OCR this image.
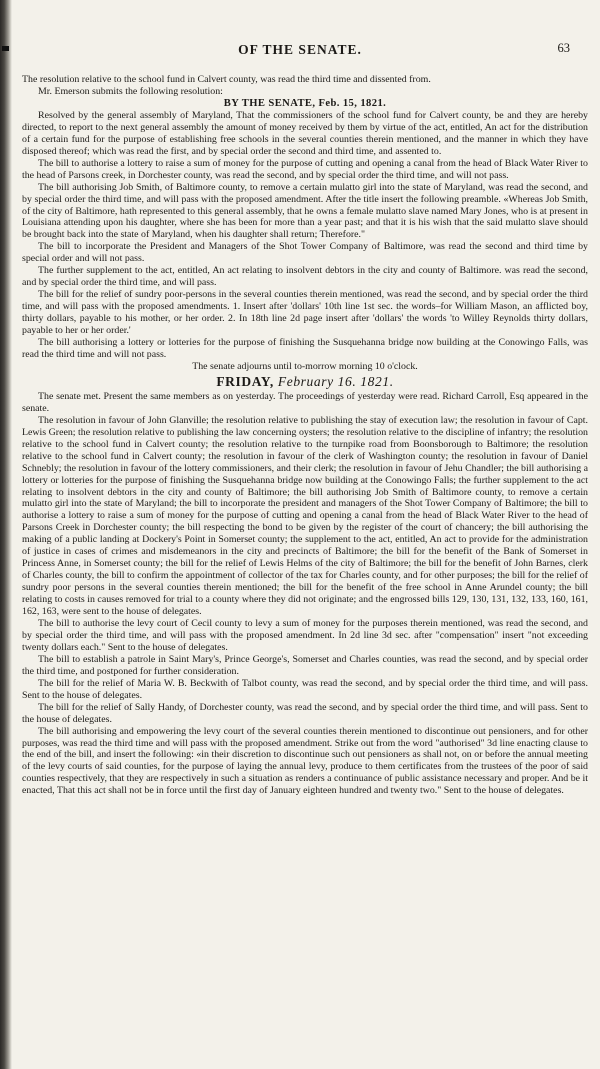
OF THE SENATE.	63

The resolution relative to the school fund in Calvert county, was read the third time and dissented from.

Mr. Emerson submits the following resolution:

BY THE SENATE, Feb. 15, 1821.

Resolved by the general assembly of Maryland, That the commissioners of the school fund for Calvert county, be and they are hereby directed, to report to the next general assembly the amount of money received by them by virtue of the act, entitled, An act for the distribution of a certain fund for the purpose of establishing free schools in the several counties therein mentioned, and the manner in which they have disposed thereof; which was read the first, and by special order the second and third time, and assented to.

The bill to authorise a lottery to raise a sum of money for the purpose of cutting and opening a canal from the head of Black Water River to the head of Parsons creek, in Dorchester county, was read the second, and by special order the third time, and will not pass.

The bill authorising Job Smith, of Baltimore county, to remove a certain mulatto girl into the state of Maryland, was read the second, and by special order the third time, and will pass with the proposed amendment. After the title insert the following preamble. «Whereas Job Smith, of the city of Baltimore, hath represented to this general assembly, that he owns a female mulatto slave named Mary Jones, who is at present in Louisiana attending upon his daughter, where she has been for more than a year past; and that it is his wish that the said mulatto slave should be brought back into the state of Maryland, when his daughter shall return; Therefore."

The bill to incorporate the President and Managers of the Shot Tower Company of Baltimore, was read the second and third time by special order and will not pass.

The further supplement to the act, entitled, An act relating to insolvent debtors in the city and county of Baltimore. was read the second, and by special order the third time, and will pass.

The bill for the relief of sundry poor-persons in the several counties therein mentioned, was read the second, and by special order the third time, and will pass with the proposed amendments. 1. Insert after 'dollars' 10th line 1st sec. the words–for William Mason, an afflicted boy, thirty dollars, payable to his mother, or her order. 2. In 18th line 2d page insert after 'dollars' the words 'to Willey Reynolds thirty dollars, payable to her or her order.'

The bill authorising a lottery or lotteries for the purpose of finishing the Susquehanna bridge now building at the Conowingo Falls, was read the third time and will not pass.

The senate adjourns until to-morrow morning 10 o'clock.

FRIDAY, February 16. 1821.

The senate met. Present the same members as on yesterday. The proceedings of yesterday were read. Richard Carroll, Esq appeared in the senate.

The resolution in favour of John Glanville; the resolution relative to publishing the stay of execution law; the resolution in favour of Capt. Lewis Green; the resolution relative to publishing the law concerning oysters; the resolution relative to the discipline of infantry; the resolution relative to the school fund in Calvert county; the resolution relative to the turnpike road from Boonsborough to Baltimore; the resolution relative to the school fund in Calvert county; the resolution in favour of the clerk of Washington county; the resolution in favour of Daniel Schnebly; the resolution in favour of the lottery commissioners, and their clerk; the resolution in favour of Jehu Chandler; the bill authorising a lottery or lotteries for the purpose of finishing the Susquehanna bridge now building at the Conowingo Falls; the further supplement to the act relating to insolvent debtors in the city and county of Baltimore; the bill authorising Job Smith of Baltimore county, to remove a certain mulatto girl into the state of Maryland; the bill to incorporate the president and managers of the Shot Tower Company of Baltimore; the bill to authorise a lottery to raise a sum of money for the purpose of cutting and opening a canal from the head of Black Water River to the head of Parsons Creek in Dorchester county; the bill respecting the bond to be given by the register of the court of chancery; the bill authorising the making of a public landing at Dockery's Point in Somerset county; the supplement to the act, entitled, An act to provide for the administration of justice in cases of crimes and misdemeanors in the city and precincts of Baltimore; the bill for the benefit of the Bank of Somerset in Princess Anne, in Somerset county; the bill for the relief of Lewis Helms of the city of Baltimore; the bill for the benefit of John Barnes, clerk of Charles county, the bill to confirm the appointment of collector of the tax for Charles county, and for other purposes; the bill for the relief of sundry poor persons in the several counties therein mentioned; the bill for the benefit of the free school in Anne Arundel county; the bill relating to costs in causes removed for trial to a county where they did not originate; and the engrossed bills 129, 130, 131, 132, 133, 160, 161, 162, 163, were sent to the house of delegates.

The bill to authorise the levy court of Cecil county to levy a sum of money for the purposes therein mentioned, was read the second, and by special order the third time, and will pass with the proposed amendment. In 2d line 3d sec. after "compensation" insert "not exceeding twenty dollars each." Sent to the house of delegates.

The bill to establish a patrole in Saint Mary's, Prince George's, Somerset and Charles counties, was read the second, and by special order the third time, and postponed for further consideration.

The bill for the relief of Maria W. B. Beckwith of Talbot county, was read the second, and by special order the third time, and will pass. Sent to the house of delegates.

The bill for the relief of Sally Handy, of Dorchester county, was read the second, and by special order the third time, and will pass. Sent to the house of delegates.

The bill authorising and empowering the levy court of the several counties therein mentioned to discontinue out pensioners, and for other purposes, was read the third time and will pass with the proposed amendment. Strike out from the word "authorised" 3d line enacting clause to the end of the bill, and insert the following: «in their discretion to discontinue such out pensioners as shall not, on or before the annual meeting of the levy courts of said counties, for the purpose of laying the annual levy, produce to them certificates from the trustees of the poor of said counties respectively, that they are respectively in such a situation as renders a continuance of public assistance necessary and proper. And be it enacted, That this act shall not be in force until the first day of January eighteen hundred and twenty two." Sent to the house of delegates.
